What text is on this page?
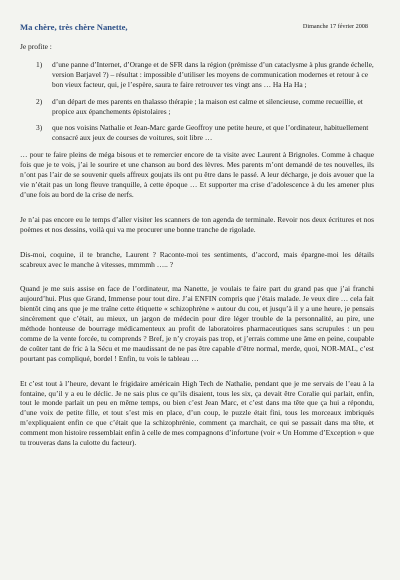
Ma chère, très chère Nanette,	Dimanche 17 février 2008
Je profite :
1) d’une panne d’Internet, d’Orange et de SFR dans la région (prémisse d’un cataclysme à plus grande échelle, version Barjavel ?) – résultat : impossible d’utiliser les moyens de communication modernes et retour à ce bon vieux facteur, qui, je l’espère, saura te faire retrouver tes vingt ans … Ha Ha Ha ;
2) d’un départ de mes parents en thalasso thérapie ; la maison est calme et silencieuse, comme recueillie, et propice aux épanchements épistolaires ;
3) que nos voisins Nathalie et Jean-Marc garde Geoffroy une petite heure, et que l’ordinateur, habituellement consacré aux jeux de courses de voitures, soit libre …

… pour te faire pleins de méga bisous et te remercier encore de ta visite avec Laurent à Brignoles. Comme à chaque fois que je te vois, j’ai le sourire et une chanson au bord des lèvres. Mes parents m’ont demandé de tes nouvelles, ils n’ont pas l’air de se souvenir quels affreux goujats ils ont pu être dans le passé. A leur décharge, je dois avouer que la vie n’était pas un long fleuve tranquille, à cette époque … Et supporter ma crise d’adolescence à du les amener plus d’une fois au bord de la crise de nerfs.

Je n’ai pas encore eu le temps d’aller visiter les scanners de ton agenda de terminale. Revoir nos deux écritures et nos poèmes et nos dessins, voilà qui va me procurer une bonne tranche de rigolade.

Dis-moi, coquine, il te branche, Laurent ? Raconte-moi tes sentiments, d’accord, mais épargne-moi les détails scabreux avec le manche à vitesses, mmmmh ….. ?

Quand je me suis assise en face de l’ordinateur, ma Nanette, je voulais te faire part du grand pas que j’ai franchi aujourd’hui. Plus que Grand, Immense pour tout dire. J’ai ENFIN compris que j’étais malade. Je veux dire … cela fait bientôt cinq ans que je me traîne cette étiquette « schizophrène » autour du cou, et jusqu’à il y a une heure, je pensais sincèrement que c’était, au mieux, un jargon de médecin pour dire léger trouble de la personnalité, au pire, une méthode honteuse de bourrage médicamenteux au profit de laboratoires pharmaceutiques sans scrupules : un peu comme de la vente forcée, tu comprends ? Bref, je n’y croyais pas trop, et j’errais comme une âme en peine, coupable de coûter tant de fric à la Sécu et me maudissant de ne pas être capable d’être normal, merde, quoi, NOR-MAL, c’est pourtant pas compliqué, bordel ! Enfin, tu vois le tableau …

Et c’est tout à l’heure, devant le frigidaire américain High Tech de Nathalie, pendant que je me servais de l’eau à la fontaine, qu’il y a eu le déclic. Je ne sais plus ce qu’ils disaient, tous les six, ça devait être Coralie qui parlait, enfin, tout le monde parlait un peu en même temps, ou bien c’est Jean Marc, et c’est dans ma tête que ça hui a répondu, d’une voix de petite fille, et tout s’est mis en place, d’un coup, le puzzle était fini, tous les morceaux imbriqués m’expliquaient enfin ce que c’était que la schizophrénie, comment ça marchait, ce qui se passait dans ma tête, et comment mon histoire ressemblait enfin à celle de mes compagnons d’infortune (voir « Un Homme d’Exception » que tu trouveras dans la culotte du facteur).
